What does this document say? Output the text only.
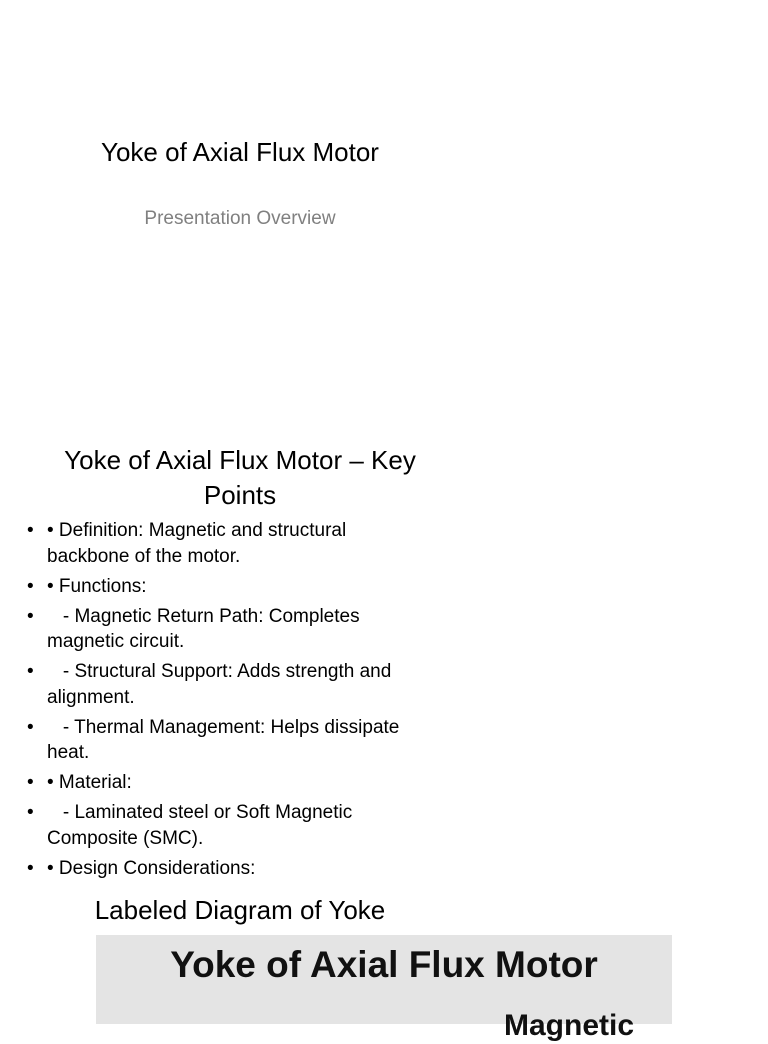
Yoke of Axial Flux Motor
Presentation Overview
Yoke of Axial Flux Motor – Key Points
• • Definition: Magnetic and structural backbone of the motor.
• • Functions:
• - Magnetic Return Path: Completes magnetic circuit.
• - Structural Support: Adds strength and alignment.
• - Thermal Management: Helps dissipate heat.
• • Material:
• - Laminated steel or Soft Magnetic Composite (SMC).
• • Design Considerations:
Labeled Diagram of Yoke
Yoke of Axial Flux Motor
Magnetic
